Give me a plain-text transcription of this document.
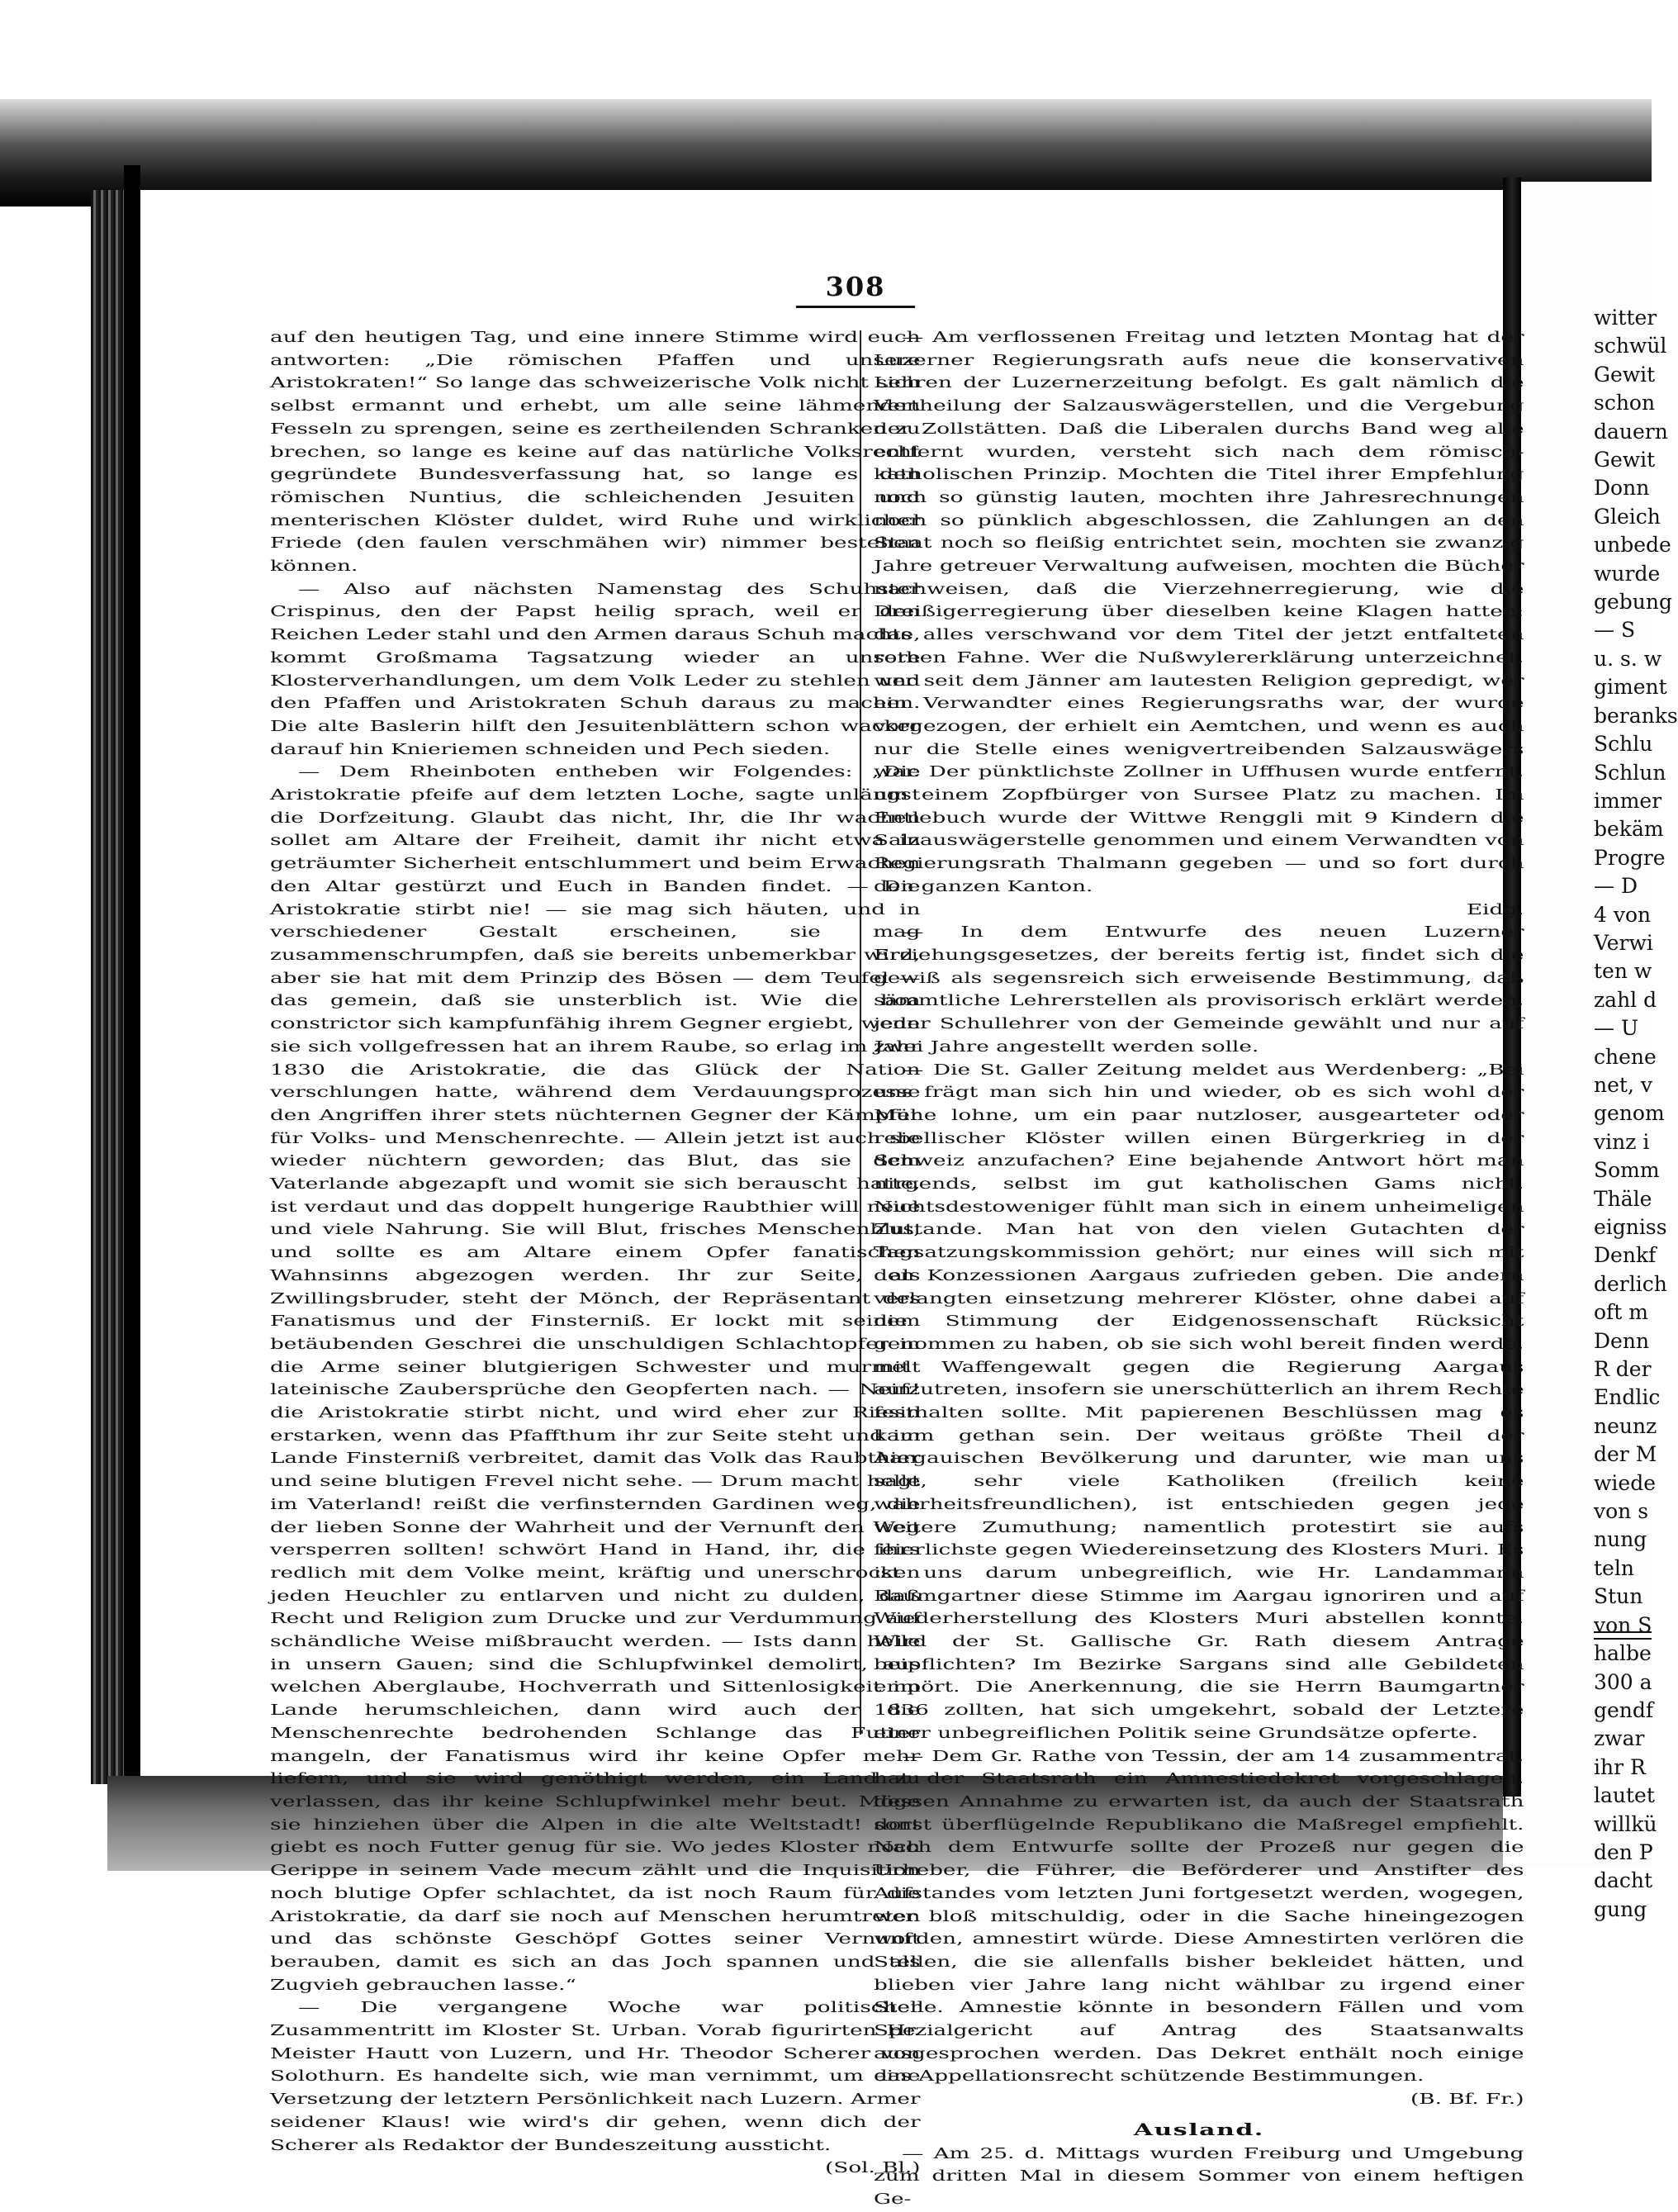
witter
schwül
Gewit
schon
dauern
Gewit
Donn
Gleich
unbede
wurde
gebung
— S
u. s. w
giment
beranks
Schlu
Schlun
immer
bekäm
Progre
— D
4 von
Verwi
ten w
zahl d
— U
chene
net, v
genom
vinz i
Somm
Thäle
eigniss
Denkf
derlich
oft m
Denn
R der
Endlic
neunz
der M
wiede
von s
nung
teln
Stun
von S
halbe
300 a
gendf
zwar
ihr R
lautet
willkü
den P
dacht
gung
308

auf den heutigen Tag, und eine innere Stimme wird euch antworten: „Die römischen Pfaffen und unsere Aristokraten!“ So lange das schweizerische Volk nicht sich selbst ermannt und erhebt, um alle seine lähmenden Fesseln zu sprengen, seine es zertheilenden Schranken zu brechen, so lange es keine auf das natürliche Volksrecht gegründete Bundesverfassung hat, so lange es den römischen Nuntius, die schleichenden Jesuiten und menterischen Klöster duldet, wird Ruhe und wirklicher Friede (den faulen verschmähen wir) nimmer bestehen können.

— Also auf nächsten Namenstag des Schuhster Crispinus, den der Papst heilig sprach, weil er den Reichen Leder stahl und den Armen daraus Schuh machte, kommt Großmama Tagsatzung wieder an unsere Klosterverhandlungen, um dem Volk Leder zu stehlen und den Pfaffen und Aristokraten Schuh daraus zu machen. Die alte Baslerin hilft den Jesuitenblättern schon wacker darauf hin Knieriemen schneiden und Pech sieden.

— Dem Rheinboten entheben wir Folgendes: „Die Aristokratie pfeife auf dem letzten Loche, sagte unlängst die Dorfzeitung. Glaubt das nicht, Ihr, die Ihr wachen sollet am Altare der Freiheit, damit ihr nicht etwa in geträumter Sicherheit entschlummert und beim Erwachen den Altar gestürzt und Euch in Banden findet. — Die Aristokratie stirbt nie! — sie mag sich häuten, und in verschiedener Gestalt erscheinen, sie mag zusammenschrumpfen, daß sie bereits unbemerkbar wird, aber sie hat mit dem Prinzip des Bösen — dem Teufel — das gemein, daß sie unsterblich ist. Wie die boa constrictor sich kampfunfähig ihrem Gegner ergiebt, wenn sie sich vollgefressen hat an ihrem Raube, so erlag im Jahr 1830 die Aristokratie, die das Glück der Nation verschlungen hatte, während dem Verdauungsprozesse den Angriffen ihrer stets nüchternen Gegner der Kämpfer für Volks- und Menschenrechte. — Allein jetzt ist auch sie wieder nüchtern geworden; das Blut, das sie dem Vaterlande abgezapft und womit sie sich berauscht hatte, ist verdaut und das doppelt hungerige Raubthier will neue und viele Nahrung. Sie will Blut, frisches Menschenblut, und sollte es am Altare einem Opfer fanatischen Wahnsinns abgezogen werden. Ihr zur Seite, als Zwillingsbruder, steht der Mönch, der Repräsentant des Fanatismus und der Finsterniß. Er lockt mit seinem betäubenden Geschrei die unschuldigen Schlachtopfer in die Arme seiner blutgierigen Schwester und murmelt lateinische Zaubersprüche den Geopferten nach. — Nein! die Aristokratie stirbt nicht, und wird eher zur Riesin erstarken, wenn das Pfaffthum ihr zur Seite steht und im Lande Finsterniß verbreitet, damit das Volk das Raubthier und seine blutigen Frevel nicht sehe. — Drum macht helle im Vaterland! reißt die verfinsternden Gardinen weg, die der lieben Sonne der Wahrheit und der Vernunft den Weg versperren sollten! schwört Hand in Hand, ihr, die ihrs redlich mit dem Volke meint, kräftig und unerschrocken jeden Heuchler zu entlarven und nicht zu dulden, daß Recht und Religion zum Drucke und zur Verdummung auf schändliche Weise mißbraucht werden. — Ists dann helle in unsern Gauen; sind die Schlupfwinkel demolirt, aus welchen Aberglaube, Hochverrath und Sittenlosigkeit im Lande herumschleichen, dann wird auch der die Menschenrechte bedrohenden Schlange das Futter mangeln, der Fanatismus wird ihr keine Opfer mehr liefern, und sie wird genöthigt werden, ein Land zu verlassen, das ihr keine Schlupfwinkel mehr beut. Möge sie hinziehen über die Alpen in die alte Weltstadt! dort giebt es noch Futter genug für sie. Wo jedes Kloster noch Gerippe in seinem Vade mecum zählt und die Inquisition noch blutige Opfer schlachtet, da ist noch Raum für die Aristokratie, da darf sie noch auf Menschen herumtreten und das schönste Geschöpf Gottes seiner Vernunft berauben, damit es sich an das Joch spannen und als Zugvieh gebrauchen lasse.“

— Die vergangene Woche war politischer Zusammentritt im Kloster St. Urban. Vorab figurirten Hr. Meister Hautt von Luzern, und Hr. Theodor Scherer von Solothurn. Es handelte sich, wie man vernimmt, um eine Versetzung der letztern Persönlichkeit nach Luzern. Armer seidener Klaus! wie wird's dir gehen, wenn dich der Scherer als Redaktor der Bundeszeitung aussticht.
(Sol. Bl.)

— Am verflossenen Freitag und letzten Montag hat der Luzerner Regierungsrath aufs neue die konservativen Lehren der Luzernerzeitung befolgt. Es galt nämlich die Vertheilung der Salzauswägerstellen, und die Vergebung der Zollstätten. Daß die Liberalen durchs Band weg alle entfernt wurden, versteht sich nach dem römisch-katholischen Prinzip. Mochten die Titel ihrer Empfehlung noch so günstig lauten, mochten ihre Jahresrechnungen noch so pünklich abgeschlossen, die Zahlungen an den Staat noch so fleißig entrichtet sein, mochten sie zwanzig Jahre getreuer Verwaltung aufweisen, mochten die Bücher nachweisen, daß die Vierzehnerregierung, wie die Dreißigerregierung über dieselben keine Klagen hatten: das alles verschwand vor dem Titel der jetzt entfalteten rothen Fahne. Wer die Nußwylererklärung unterzeichnet, wer seit dem Jänner am lautesten Religion gepredigt, wer ein Verwandter eines Regierungsraths war, der wurde vorgezogen, der erhielt ein Aemtchen, und wenn es auch nur die Stelle eines wenigvertreibenden Salzauswägers war. Der pünktlichste Zollner in Uffhusen wurde entfernt, um einem Zopfbürger von Sursee Platz zu machen. Im Entlebuch wurde der Wittwe Renggli mit 9 Kindern die Salzauswägerstelle genommen und einem Verwandten von Regierungsrath Thalmann gegeben — und so fort durch den ganzen Kanton.
Eidg.

— In dem Entwurfe des neuen Luzerner Erziehungsgesetzes, der bereits fertig ist, findet sich die gewiß als segensreich sich erweisende Bestimmung, daß sämmtliche Lehrerstellen als provisorisch erklärt werden, jeder Schullehrer von der Gemeinde gewählt und nur auf zwei Jahre angestellt werden solle.

— Die St. Galler Zeitung meldet aus Werdenberg: „Bei uns frägt man sich hin und wieder, ob es sich wohl der Mühe lohne, um ein paar nutzloser, ausgearteter oder rebellischer Klöster willen einen Bürgerkrieg in der Schweiz anzufachen? Eine bejahende Antwort hört man nirgends, selbst im gut katholischen Gams nicht. Nichtsdestoweniger fühlt man sich in einem unheimeligen Zustande. Man hat von den vielen Gutachten der Tagsatzungskommission gehört; nur eines will sich mit den Konzessionen Aargaus zufrieden geben. Die andern verlangten einsetzung mehrerer Klöster, ohne dabei auf die Stimmung der Eidgenossenschaft Rücksicht genommen zu haben, ob sie sich wohl bereit finden werde, mit Waffengewalt gegen die Regierung Aargaus aufzutreten, insofern sie unerschütterlich an ihrem Rechte festhalten sollte. Mit papierenen Beschlüssen mag es kaum gethan sein. Der weitaus größte Theil der Aargauischen Bevölkerung und darunter, wie man uns sagt, sehr viele Katholiken (freilich keine wahrheitsfreundlichen), ist entschieden gegen jede weitere Zumuthung; namentlich protestirt sie aufs feierlichste gegen Wiedereinsetzung des Klosters Muri. Es ist uns darum unbegreiflich, wie Hr. Landammann Baumgartner diese Stimme im Aargau ignoriren und auf Wiederherstellung des Klosters Muri abstellen konnte. Wird der St. Gallische Gr. Rath diesem Antrage beipflichten? Im Bezirke Sargans sind alle Gebildeten empört. Die Anerkennung, die sie Herrn Baumgartner 1836 zollten, hat sich umgekehrt, sobald der Letztere einer unbegreiflichen Politik seine Grundsätze opferte.

— Dem Gr. Rathe von Tessin, der am 14 zusammentrat, hat der Staatsrath ein Amnestiedekret vorgeschlagen, dessen Annahme zu erwarten ist, da auch der Staatsrath sonst überflügelnde Republikano die Maßregel empfiehlt. Nach dem Entwurfe sollte der Prozeß nur gegen die Urheber, die Führer, die Beförderer und Anstifter des Aufstandes vom letzten Juni fortgesetzt werden, wogegen, wer bloß mitschuldig, oder in die Sache hineingezogen worden, amnestirt würde. Diese Amnestirten verlören die Stellen, die sie allenfalls bisher bekleidet hätten, und blieben vier Jahre lang nicht wählbar zu irgend einer Stelle. Amnestie könnte in besondern Fällen und vom Spezialgericht auf Antrag des Staatsanwalts ausgesprochen werden. Das Dekret enthält noch einige das Appellationsrecht schützende Bestimmungen.
(B. Bf. Fr.)

Ausland.

— Am 25. d. Mittags wurden Freiburg und Umgebung zum dritten Mal in diesem Sommer von einem heftigen Ge-
